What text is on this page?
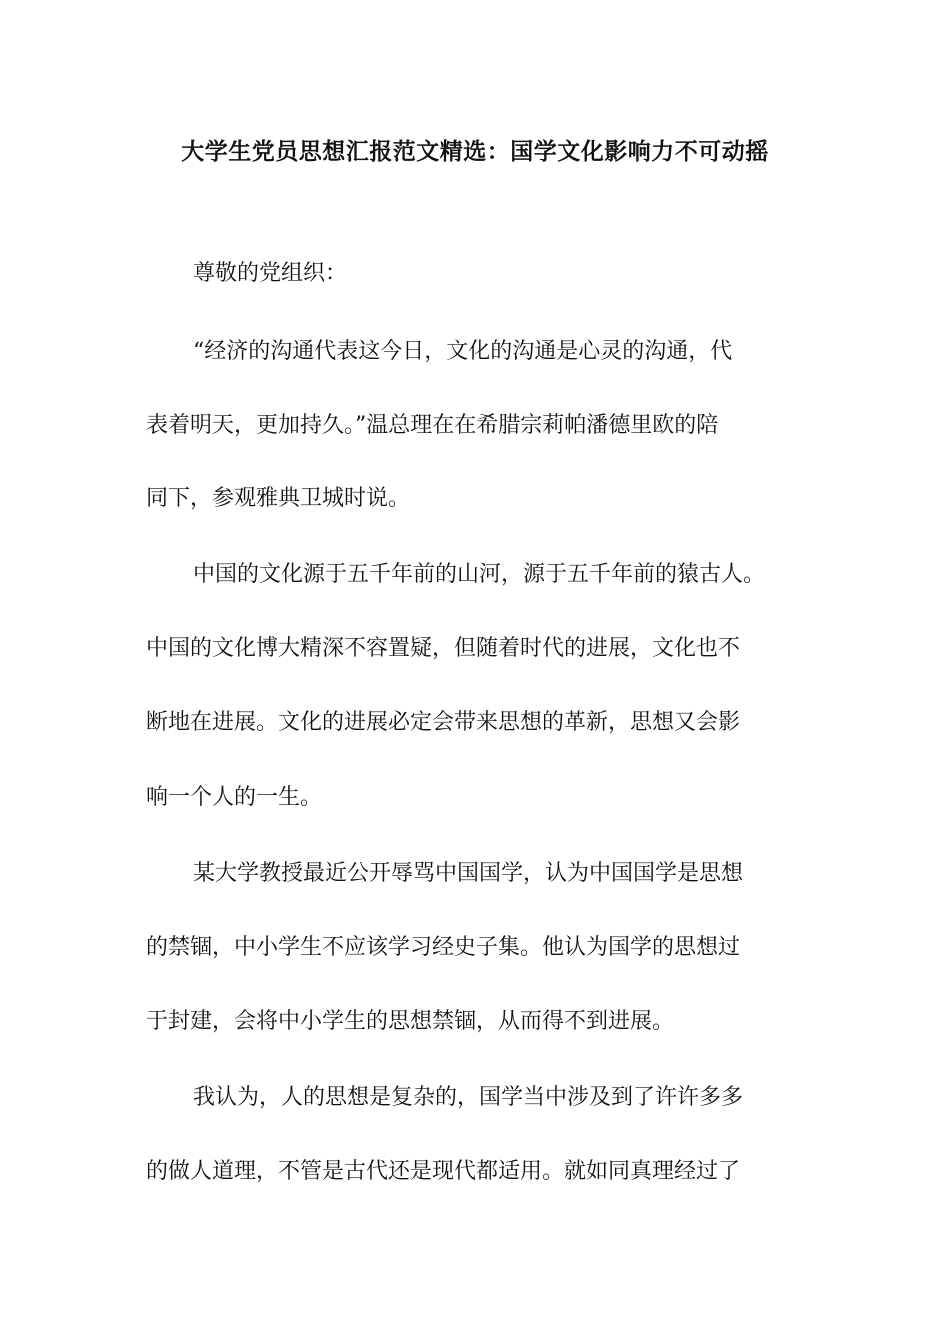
大学生党员思想汇报范文精选：国学文化影响力不可动摇
尊敬的党组织：
“经济的沟通代表这今日，文化的沟通是心灵的沟通，代
表着明天，更加持久。”温总理在在希腊宗莉帕潘德里欧的陪
同下，参观雅典卫城时说。
中国的文化源于五千年前的山河，源于五千年前的猿古人。
中国的文化博大精深不容置疑，但随着时代的进展，文化也不
断地在进展。文化的进展必定会带来思想的革新，思想又会影
响一个人的一生。
某大学教授最近公开辱骂中国国学，认为中国国学是思想
的禁锢，中小学生不应该学习经史子集。他认为国学的思想过
于封建，会将中小学生的思想禁锢，从而得不到进展。
我认为，人的思想是复杂的，国学当中涉及到了许许多多
的做人道理，不管是古代还是现代都适用。就如同真理经过了
